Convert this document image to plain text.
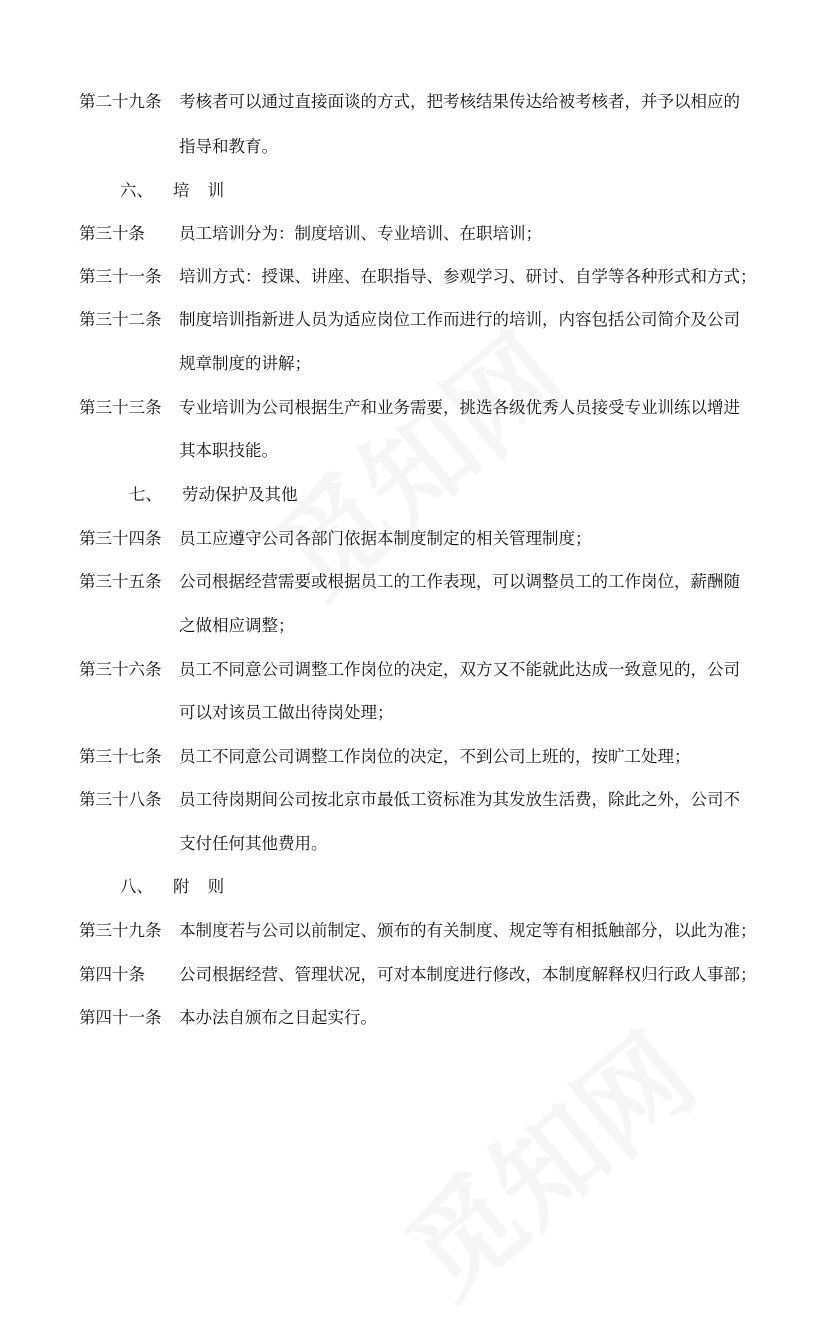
第二十九条 考核者可以通过直接面谈的方式，把考核结果传达给被考核者，并予以相应的
指导和教育。
六、 培训
第三十条 员工培训分为：制度培训、专业培训、在职培训；
第三十一条 培训方式：授课、讲座、在职指导、参观学习、研讨、自学等各种形式和方式；
第三十二条 制度培训指新进人员为适应岗位工作而进行的培训，内容包括公司简介及公司
规章制度的讲解；
第三十三条 专业培训为公司根据生产和业务需要，挑选各级优秀人员接受专业训练以增进
其本职技能。
七、 劳动保护及其他
第三十四条 员工应遵守公司各部门依据本制度制定的相关管理制度；
第三十五条 公司根据经营需要或根据员工的工作表现，可以调整员工的工作岗位，薪酬随
之做相应调整；
第三十六条 员工不同意公司调整工作岗位的决定，双方又不能就此达成一致意见的，公司
可以对该员工做出待岗处理；
第三十七条 员工不同意公司调整工作岗位的决定，不到公司上班的，按旷工处理；
第三十八条 员工待岗期间公司按北京市最低工资标准为其发放生活费，除此之外，公司不
支付任何其他费用。
八、 附则
第三十九条 本制度若与公司以前制定、颁布的有关制度、规定等有相抵触部分，以此为准；
第四十条 公司根据经营、管理状况，可对本制度进行修改，本制度解释权归行政人事部；
第四十一条 本办法自颁布之日起实行。
